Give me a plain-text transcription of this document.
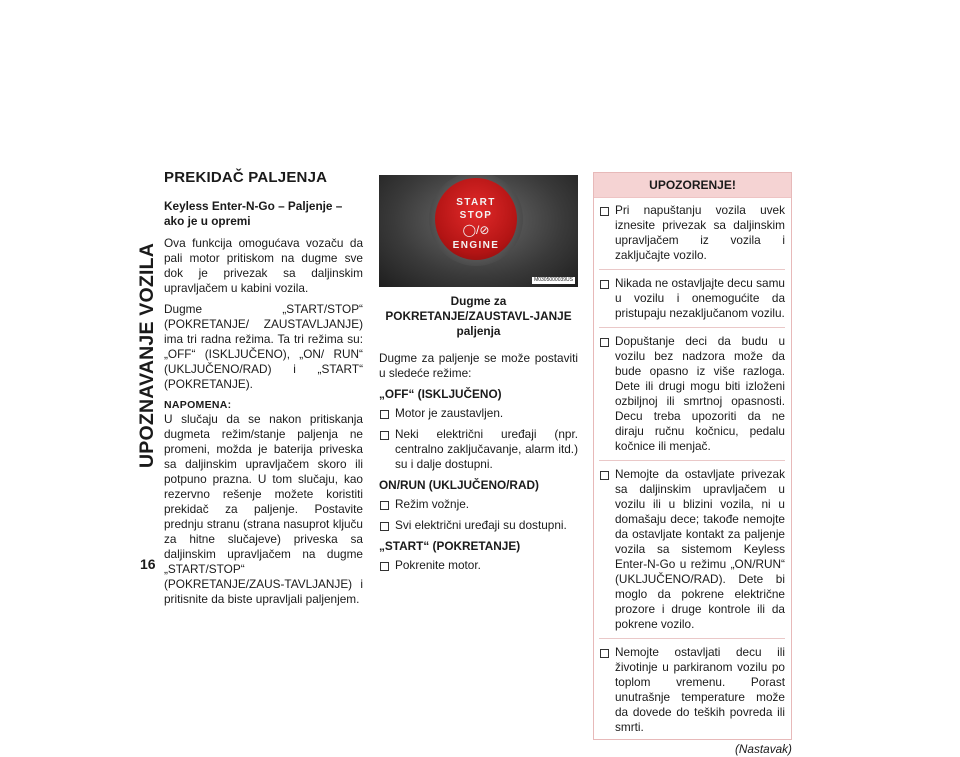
UPOZNAVANJE VOZILA
16
PREKIDAČ PALJENJA
Keyless Enter-N-Go – Paljenje – ako je u opremi

Ova funkcija omogućava vozaču da pali motor pritiskom na dugme sve dok je privezak sa daljinskim upravljačem u kabini vozila.

Dugme „START/STOP“ (POKRETANJE/ ZAUSTAVLJANJE) ima tri radna režima. Ta tri režima su: „OFF“ (ISKLJUČENO), „ON/ RUN“ (UKLJUČENO/RAD) i „START“ (POKRETANJE).

NAPOMENA:
U slučaju da se nakon pritiskanja dugmeta režim/stanje paljenja ne promeni, možda je baterija priveska sa daljinskim upravljačem skoro ili potpuno prazna. U tom slučaju, kao rezervno rešenje možete koristiti prekidač za paljenje. Postavite prednju stranu (strana nasuprot ključu za hitne slučajeve) priveska sa daljinskim upravljačem na dugme „START/STOP“ (POKRETANJE/ZAUS-TAVLJANJE) i pritisnite da biste upravljali paljenjem.
START
STOP
◯/⊘
ENGINE
M0305000039US
Dugme za POKRETANJE/ZAUSTAVL-JANJE paljenja

Dugme za paljenje se može postaviti u sledeće režime:

„OFF“ (ISKLJUČENO)
Motor je zaustavljen.
Neki električni uređaji (npr. centralno zaključavanje, alarm itd.) su i dalje dostupni.
ON/RUN (UKLJUČENO/RAD)
Režim vožnje.
Svi električni uređaji su dostupni.
„START“ (POKRETANJE)
Pokrenite motor.
UPOZORENJE!
Pri napuštanju vozila uvek iznesite privezak sa daljinskim upravljačem iz vozila i zaključajte vozilo.
Nikada ne ostavljajte decu samu u vozilu i onemogućite da pristupaju nezaključanom vozilu.
Dopuštanje deci da budu u vozilu bez nadzora može da bude opasno iz više razloga. Dete ili drugi mogu biti izloženi ozbiljnoj ili smrtnoj opasnosti. Decu treba upozoriti da ne diraju ručnu kočnicu, pedalu kočnice ili menjač.
Nemojte da ostavljate privezak sa daljinskim upravljačem u vozilu ili u blizini vozila, ni u domašaju dece; takođe nemojte da ostavljate kontakt za paljenje vozila sa sistemom Keyless Enter-N-Go u režimu „ON/RUN“ (UKLJUČENO/RAD). Dete bi moglo da pokrene električne prozore i druge kontrole ili da pokrene vozilo.
Nemojte ostavljati decu ili životinje u parkiranom vozilu po toplom vremenu. Porast unutrašnje temperature može da dovede do teških povreda ili smrti.
(Nastavak)
